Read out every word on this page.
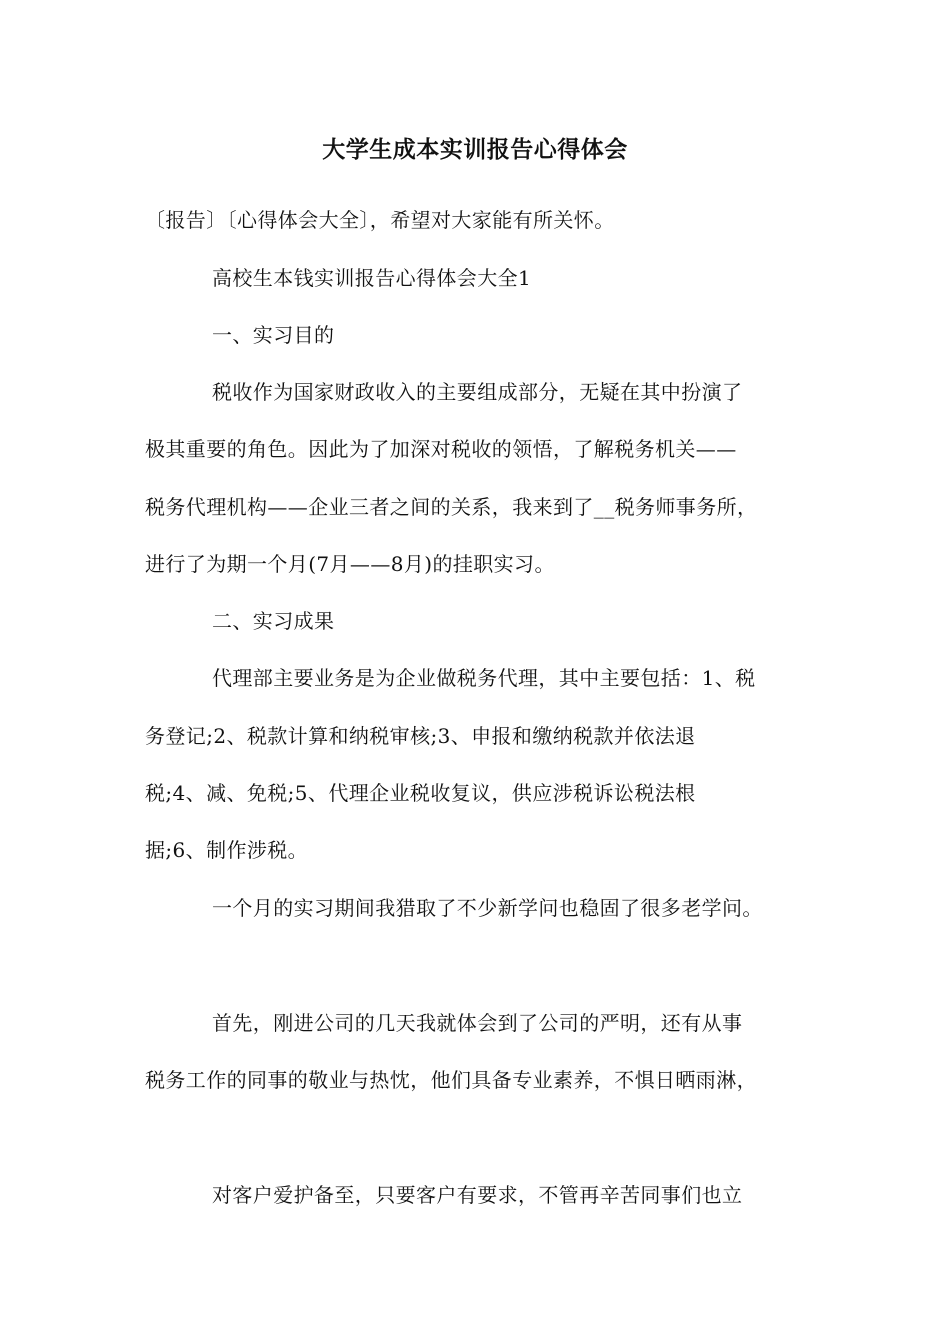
大学生成本实训报告心得体会
〔报告〕〔心得体会大全〕，希望对大家能有所关怀。
高校生本钱实训报告心得体会大全1
一、实习目的
税收作为国家财政收入的主要组成部分，无疑在其中扮演了
极其重要的角色。因此为了加深对税收的领悟，了解税务机关——
税务代理机构——企业三者之间的关系，我来到了__税务师事务所，
进行了为期一个月(7月——8月)的挂职实习。
二、实习成果
代理部主要业务是为企业做税务代理，其中主要包括：1、税
务登记;2、税款计算和纳税审核;3、申报和缴纳税款并依法退
税;4、减、免税;5、代理企业税收复议，供应涉税诉讼税法根
据;6、制作涉税。
一个月的实习期间我猎取了不少新学问也稳固了很多老学问。
首先，刚进公司的几天我就体会到了公司的严明，还有从事
税务工作的同事的敬业与热忱，他们具备专业素养，不惧日晒雨淋，
对客户爱护备至，只要客户有要求，不管再辛苦同事们也立
